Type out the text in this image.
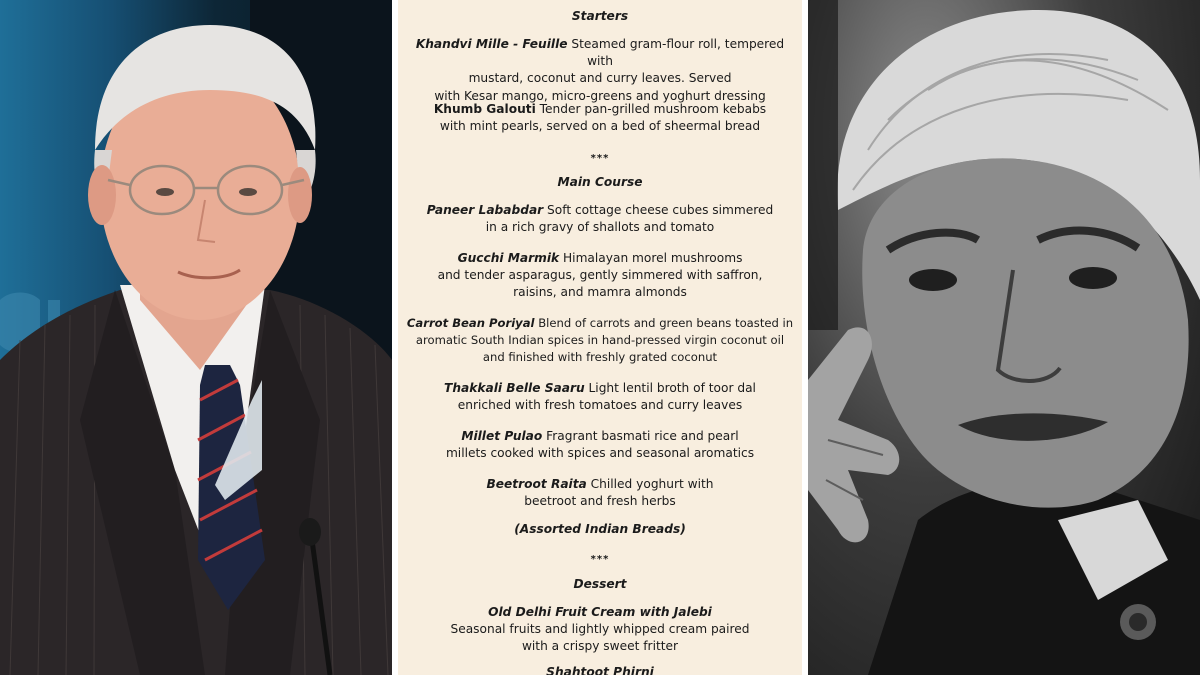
Starters
Khandvi Mille - Feuille Steamed gram-flour roll, tempered with
mustard, coconut and curry leaves. Served
with Kesar mango, micro-greens and yoghurt dressing
Khumb Galouti Tender pan-grilled mushroom kebabs
with mint pearls, served on a bed of sheermal bread
***
Main Course
Paneer Lababdar Soft cottage cheese cubes simmered
in a rich gravy of shallots and tomato
Gucchi Marmik Himalayan morel mushrooms
and tender asparagus, gently simmered with saffron,
raisins, and mamra almonds
Carrot Bean Poriyal Blend of carrots and green beans toasted in
aromatic South Indian spices in hand-pressed virgin coconut oil
and finished with freshly grated coconut
Thakkali Belle Saaru Light lentil broth of toor dal
enriched with fresh tomatoes and curry leaves
Millet Pulao Fragrant basmati rice and pearl
millets cooked with spices and seasonal aromatics
Beetroot Raita Chilled yoghurt with
beetroot and fresh herbs
(Assorted Indian Breads)
***
Dessert
Old Delhi Fruit Cream with Jalebi
Seasonal fruits and lightly whipped cream paired
with a crispy sweet fritter
Shahtoot Phirni
